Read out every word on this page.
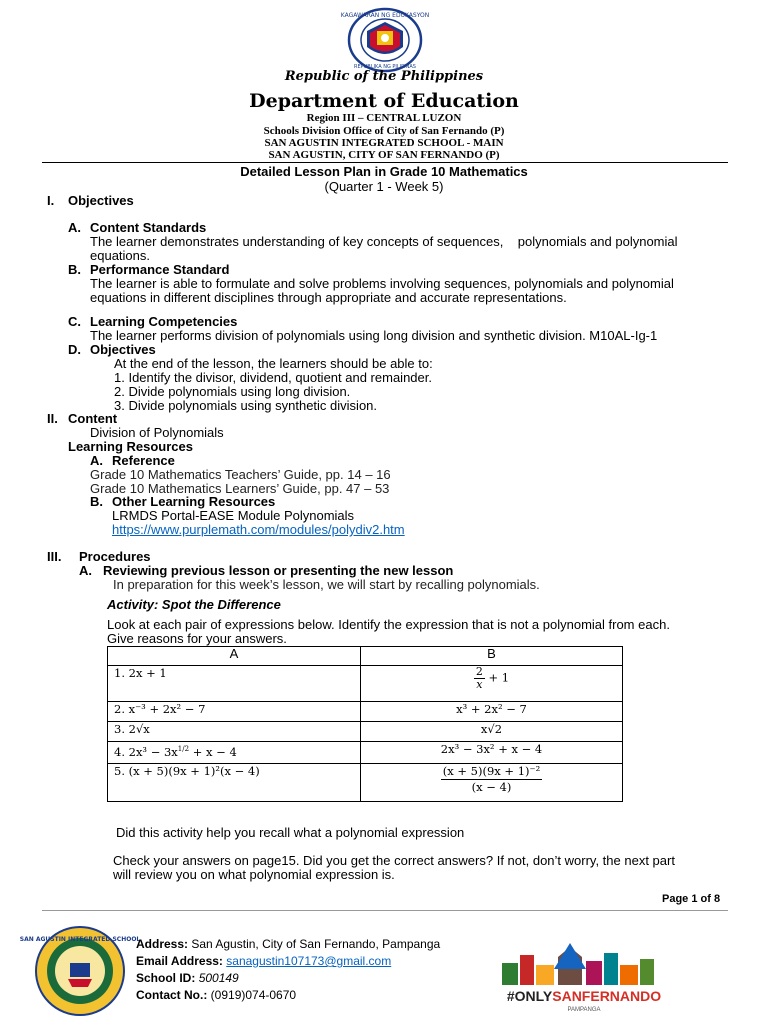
KAGAWARAN NG EDUKASYON
REPUBLIKA NG PILIPINAS
Republic of the Philippines
Department of Education
Region III – CENTRAL LUZON
Schools Division Office of City of San Fernando (P)
SAN AGUSTIN INTEGRATED SCHOOL - MAIN
SAN AGUSTIN, CITY OF SAN FERNANDO (P)
Detailed Lesson Plan in Grade 10 Mathematics
(Quarter 1 - Week 5)
I. Objectives
A. Content Standards
The learner demonstrates understanding of key concepts of sequences,    polynomials and polynomial
equations.
B. Performance Standard
The learner is able to formulate and solve problems involving sequences, polynomials and polynomial
equations in different disciplines through appropriate and accurate representations.
C. Learning Competencies
The learner performs division of polynomials using long division and synthetic division. M10AL-Ig-1
D. Objectives
At the end of the lesson, the learners should be able to:
1. Identify the divisor, dividend, quotient and remainder.
2. Divide polynomials using long division.
3. Divide polynomials using synthetic division.
II. Content
Division of Polynomials
Learning Resources
A. Reference
Grade 10 Mathematics Teachers’ Guide, pp. 14 – 16
Grade 10 Mathematics Learners’ Guide, pp. 47 – 53
B. Other Learning Resources
LRMDS Portal-EASE Module Polynomials
https://www.purplemath.com/modules/polydiv2.htm
III. Procedures
A. Reviewing previous lesson or presenting the new lesson
In preparation for this week’s lesson, we will start by recalling polynomials.
Activity: Spot the Difference
Look at each pair of expressions below. Identify the expression that is not a polynomial from each.
Give reasons for your answers.
A	B
1. 2x + 1	$\frac{2}{x} + 1$
2. x⁻³ + 2x² − 7	x³ + 2x² − 7
3. 2√x	x√2
4. $2x^3 - 3x^{1/2} + x - 4$	2x³ − 3x² + x − 4
5. (x + 5)(9x + 1)²(x − 4)	$\frac{\text{(x + 5)(9x + 1)⁻²}}{(x - 4)}$
Did this activity help you recall what a polynomial expression
Check your answers on page15. Did you get the correct answers? If not, don’t worry, the next part
will review you on what polynomial expression is.
Page 1 of 8
SAN AGUSTIN INTEGRATED SCHOOL
Address: San Agustin, City of San Fernando, Pampanga
Email Address: sanagustin107173@gmail.com
School ID: 500149
Contact No.: (0919)074-0670	#ONLYSANFERNANDO
PAMPANGA
